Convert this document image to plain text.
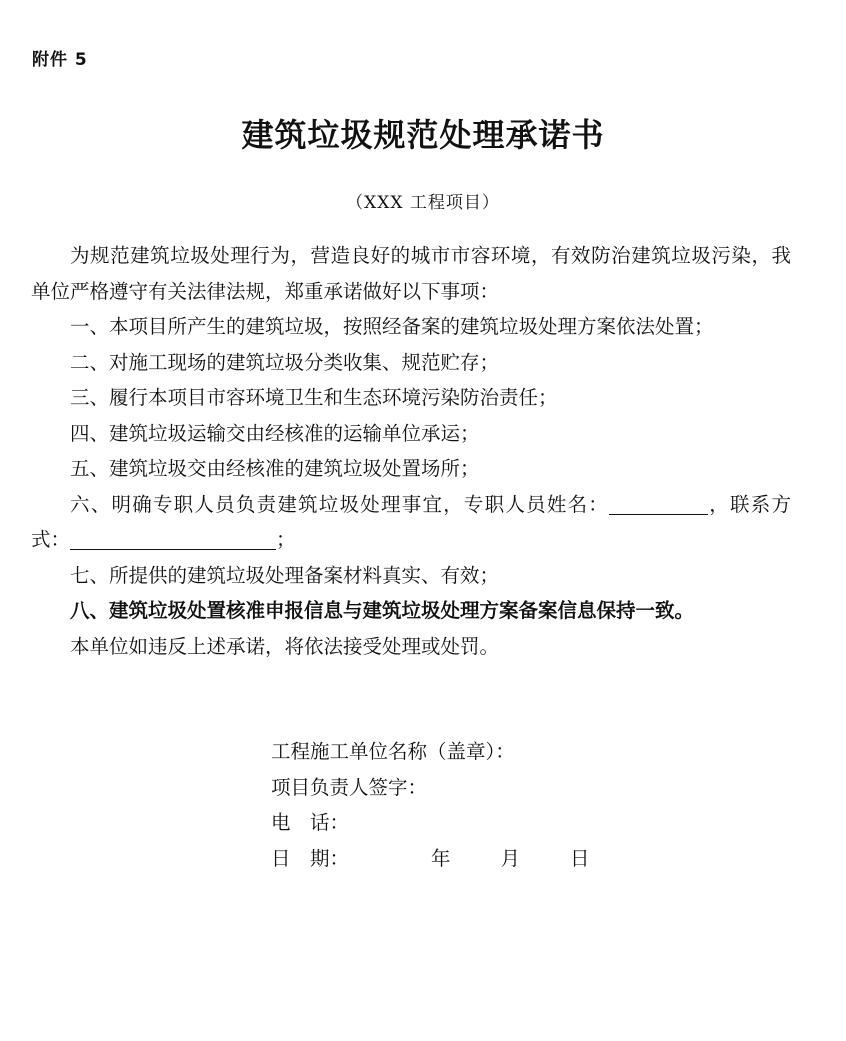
附件 5
建筑垃圾规范处理承诺书
（XXX 工程项目）

为规范建筑垃圾处理行为，营造良好的城市市容环境，有效防治建筑垃圾污染，我单位严格遵守有关法律法规，郑重承诺做好以下事项：

一、本项目所产生的建筑垃圾，按照经备案的建筑垃圾处理方案依法处置；

二、对施工现场的建筑垃圾分类收集、规范贮存；

三、履行本项目市容环境卫生和生态环境污染防治责任；

四、建筑垃圾运输交由经核准的运输单位承运；

五、建筑垃圾交由经核准的建筑垃圾处置场所；

六、明确专职人员负责建筑垃圾处理事宜，专职人员姓名：	，联系方式：	；

七、所提供的建筑垃圾处理备案材料真实、有效；

八、建筑垃圾处置核准申报信息与建筑垃圾处理方案备案信息保持一致。

本单位如违反上述承诺，将依法接受处理或处罚。

工程施工单位名称（盖章）：
项目负责人签字：
电　话：
日　期：	年	月	日
